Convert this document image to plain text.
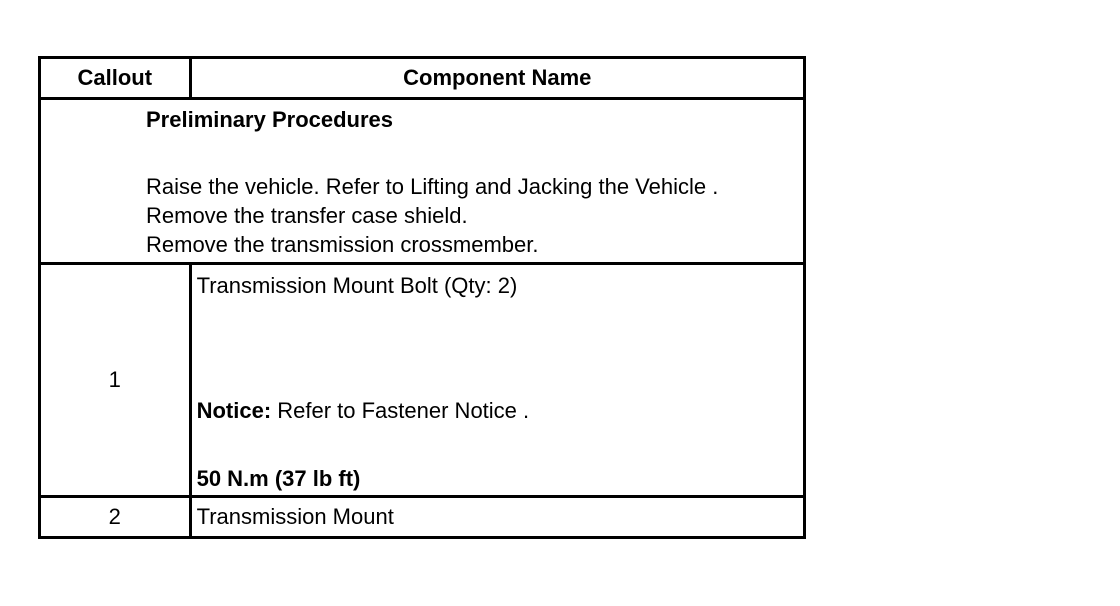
Callout	Component Name

Preliminary Procedures
Raise the vehicle. Refer to Lifting and Jacking the Vehicle .
Remove the transfer case shield.
Remove the transmission crossmember.	

1	Transmission Mount Bolt (Qty: 2)
Notice: Refer to Fastener Notice .
50 N.m (37 lb ft)

2	Transmission Mount
